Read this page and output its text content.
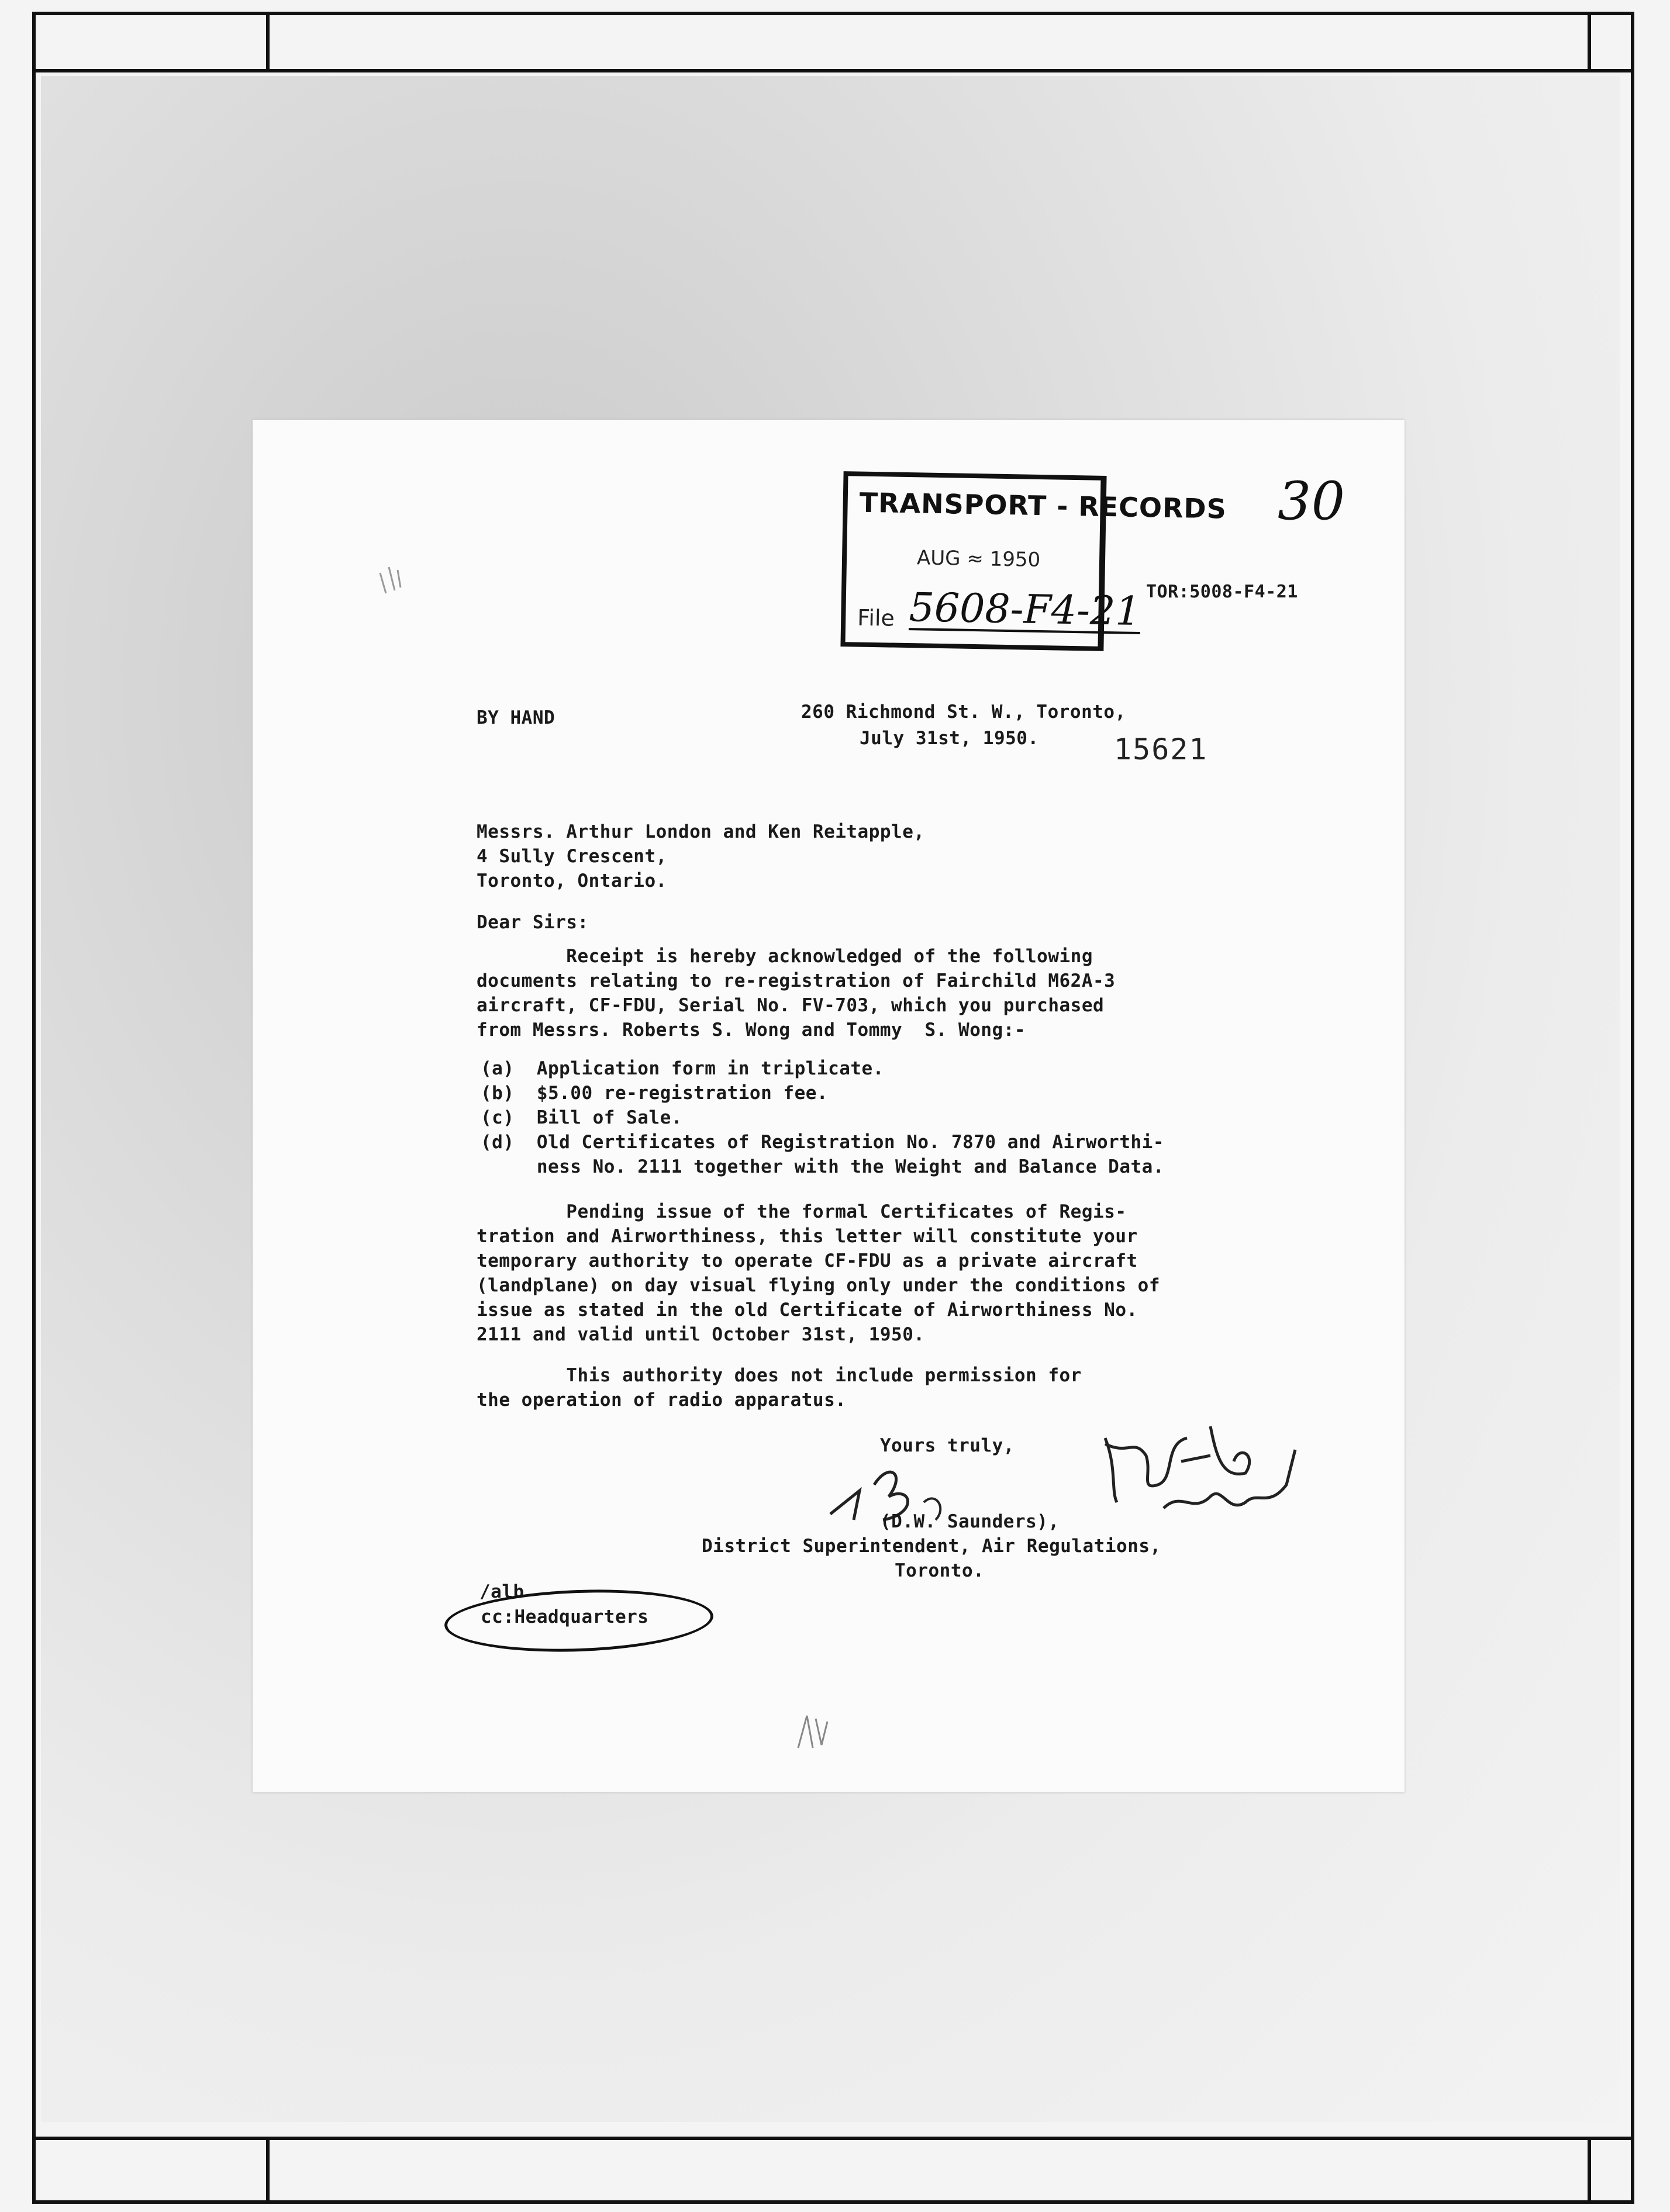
TRANSPORT - RECORDS
AUG ≈ 1950
File 5608-F4-21
30
TOR:5008-F4-21
BY HAND	260 Richmond St. W., Toronto,
July 31st, 1950.	15621
Messrs. Arthur London and Ken Reitapple,
4 Sully Crescent,
Toronto, Ontario.
Dear Sirs:
Receipt is hereby acknowledged of the following
documents relating to re-registration of Fairchild M62A-3
aircraft, CF-FDU, Serial No. FV-703, which you purchased
from Messrs. Roberts S. Wong and Tommy  S. Wong:-
(a)  Application form in triplicate.
(b)  $5.00 re-registration fee.
(c)  Bill of Sale.
(d)  Old Certificates of Registration No. 7870 and Airworthi-
ness No. 2111 together with the Weight and Balance Data.
Pending issue of the formal Certificates of Regis-
tration and Airworthiness, this letter will constitute your
temporary authority to operate CF-FDU as a private aircraft
(landplane) on day visual flying only under the conditions of
issue as stated in the old Certificate of Airworthiness No.
2111 and valid until October 31st, 1950.
This authority does not include permission for
the operation of radio apparatus.
Yours truly,
(D.W. Saunders),
District Superintendent, Air Regulations,
Toronto.
/alb
cc:Headquarters
